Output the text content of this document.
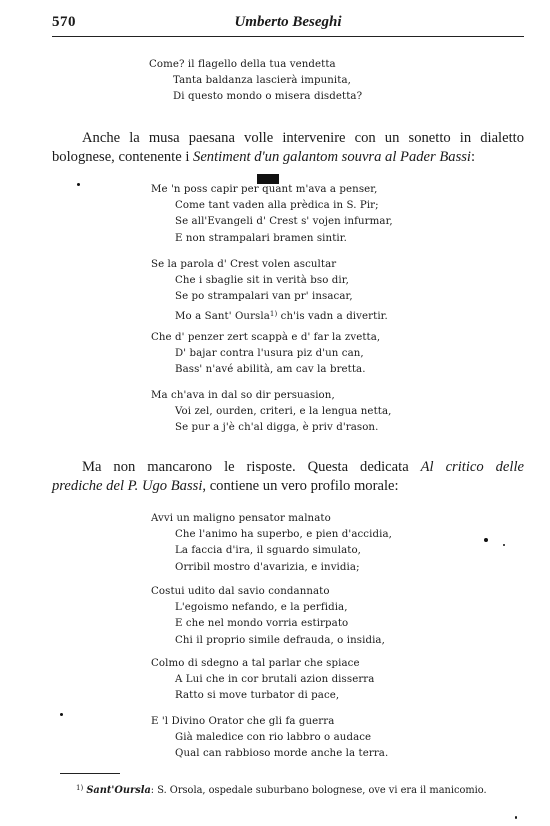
570	Umberto Beseghi
Come? il flagello della tua vendetta
Tanta baldanza lascierà impunita,
Di questo mondo o misera disdetta?
Anche la musa paesana volle intervenire con un sonetto in dialetto
bolognese, contenente i Sentiment d'un galantom souvra al Pader Bassi:
Me 'n poss capir per quant m'ava a penser,
Come tant vaden alla prèdica in S. Pir;
Se all'Evangeli d' Crest s' vojen infurmar,
E non strampalari bramen sintir.
Se la parola d' Crest volen ascultar
Che i sbaglie sit in verità bso dir,
Se po strampalari van pr' insacar,
Mo a Sant' Oursla$^{1)}$ ch'is vadn a divertir.
Che d' penzer zert scappà e d' far la zvetta,
D' bajar contra l'usura piz d'un can,
Bass' n'avé abilità, am cav la bretta.
Ma ch'ava in dal so dir persuasion,
Voi zel, ourden, criteri, e la lengua netta,
Se pur a j'è ch'al digga, è priv d'rason.
Ma non mancarono le risposte. Questa dedicata Al critico delle
prediche del P. Ugo Bassi, contiene un vero profilo morale:
Avvi un maligno pensator malnato
Che l'animo ha superbo, e pien d'accidia,
La faccia d'ira, il sguardo simulato,
Orribil mostro d'avarizia, e invidia;
Costui udito dal savio condannato
L'egoismo nefando, e la perfidia,
E che nel mondo vorria estirpato
Chi il proprio simile defrauda, o insidia,
Colmo di sdegno a tal parlar che spiace
A Lui che in cor brutali azion disserra
Ratto si move turbator di pace,
E 'l Divino Orator che gli fa guerra
Già maledice con rio labbro o audace
Qual can rabbioso morde anche la terra.
$^{1)}$ Sant'Oursla: S. Orsola, ospedale suburbano bolognese, ove vi era il manicomio.
